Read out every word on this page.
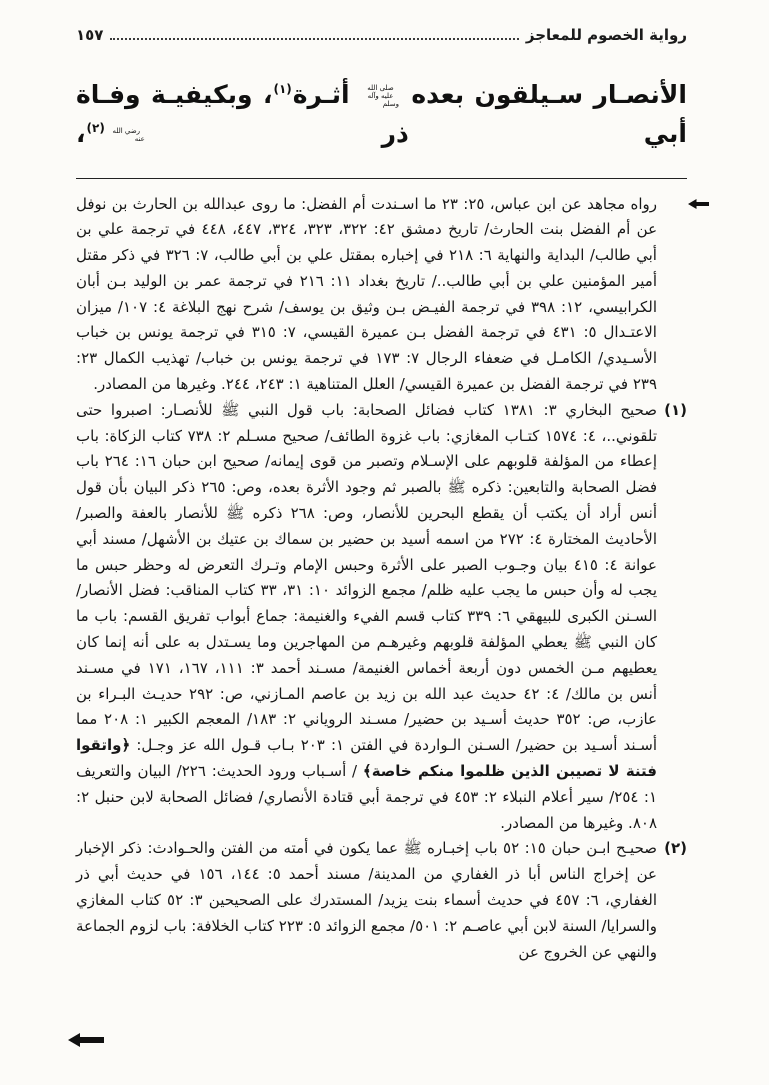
رواية الخصوم للمعاجز
١٥٧
الأنصـار سـيلقون بعده صلى الله عليه وآله وسلم أثـرة$^{(١)}$، وبكيفيـة وفـاة أبي ذر رضي الله عنه$^{(٢)}$،

رواه مجاهد عن ابن عباس، ٢٥: ٢٣ ما اسـندت أم الفضل: ما روى عبدالله بن الحارث بن نوفل عن أم الفضل بنت الحارث/ تاريخ دمشق ٤٢: ٣٢٢، ٣٢٣، ٣٢٤، ٤٤٧، ٤٤٨ في ترجمة علي بن أبي طالب/ البداية والنهاية ٦: ٢١٨ في إخباره بمقتل علي بن أبي طالب، ٧: ٣٢٦ في ذكر مقتل أمير المؤمنين علي بن أبي طالب../ تاريخ بغداد ١١: ٢١٦ في ترجمة عمر بن الوليد بـن أبان الكرابيسي، ١٢: ٣٩٨ في ترجمة الفيـض بـن وثيق بن يوسف/ شرح نهج البلاغة ٤: ١٠٧/ ميزان الاعتـدال ٥: ٤٣١ في ترجمة الفضل بـن عميرة القيسي، ٧: ٣١٥ في ترجمة يونس بن خباب الأسـيدي/ الكامـل في ضعفاء الرجال ٧: ١٧٣ في ترجمة يونس بن خباب/ تهذيب الكمال ٢٣: ٢٣٩ في ترجمة الفضل بن عميرة القيسي/ العلل المتناهية ١: ٢٤٣، ٢٤٤. وغيرها من المصادر.

(١)
صحيح البخاري ٣: ١٣٨١ كتاب فضائل الصحابة: باب قول النبي ﷺ للأنصـار: اصبروا حتى تلقوني..، ٤: ١٥٧٤ كتـاب المغازي: باب غزوة الطائف/ صحيح مسـلم ٢: ٧٣٨ كتاب الزكاة: باب إعطاء من المؤلفة قلوبهم على الإسـلام وتصبر من قوى إيمانه/ صحيح ابن حبان ١٦: ٢٦٤ باب فضل الصحابة والتابعين: ذكره ﷺ بالصبر ثم وجود الأثرة بعده، وص: ٢٦٥ ذكر البيان بأن قول أنس أراد أن يكتب أن يقطع البحرين للأنصار، وص: ٢٦٨ ذكره ﷺ للأنصار بالعفة والصبر/ الأحاديث المختارة ٤: ٢٧٢ من اسمه أسيد بن حضير بن سماك بن عتيك بن الأشهل/ مسند أبي عوانة ٤: ٤١٥ بيان وجـوب الصبر على الأثرة وحبس الإمام وتـرك التعرض له وحظر حبس ما يجب له وأن حبس ما يجب عليه ظلم/ مجمع الزوائد ١٠: ٣١، ٣٣ كتاب المناقب: فضل الأنصار/ السـنن الكبرى للبيهقي ٦: ٣٣٩ كتاب قسم الفيء والغنيمة: جماع أبواب تفريق القسم: باب ما كان النبي ﷺ يعطي المؤلفة قلوبهم وغيرهـم من المهاجرين وما يسـتدل به على أنه إنما كان يعطيهم مـن الخمس دون أربعة أخماس الغنيمة/ مسـند أحمد ٣: ١١١، ١٦٧، ١٧١ في مسـند أنس بن مالك/ ٤: ٤٢ حديث عبد الله بن زيد بن عاصم المـازني، ص: ٢٩٢ حديـث البـراء بن عازب، ص: ٣٥٢ حديث أسـيد بن حضير/ مسـند الروياني ٢: ١٨٣/ المعجم الكبير ١: ٢٠٨ مما أسـند أسـيد بن حضير/ السـنن الـواردة في الفتن ١: ٢٠٣ بـاب قـول الله عز وجـل: ﴿واتقوا فتنة لا تصيبن الذين ظلموا منكم خاصة﴾ / أسـباب ورود الحديث: ٢٢٦/ البيان والتعريف ١: ٢٥٤/ سير أعلام النبلاء ٢: ٤٥٣ في ترجمة أبي قتادة الأنصاري/ فضائل الصحابة لابن حنبل ٢: ٨٠٨. وغيرها من المصادر.

(٢)
صحيـح ابـن حبان ١٥: ٥٢ باب إخبـاره ﷺ عما يكون في أمته من الفتن والحـوادث: ذكر الإخبار عن إخراج الناس أبا ذر الغفاري من المدينة/ مسند أحمد ٥: ١٤٤، ١٥٦ في حديث أبي ذر الغفاري، ٦: ٤٥٧ في حديث أسماء بنت يزيد/ المستدرك على الصحيحين ٣: ٥٢ كتاب المغازي والسرايا/ السنة لابن أبي عاصـم ٢: ٥٠١/ مجمع الزوائد ٥: ٢٢٣ كتاب الخلافة: باب لزوم الجماعة والنهي عن الخروج عن
